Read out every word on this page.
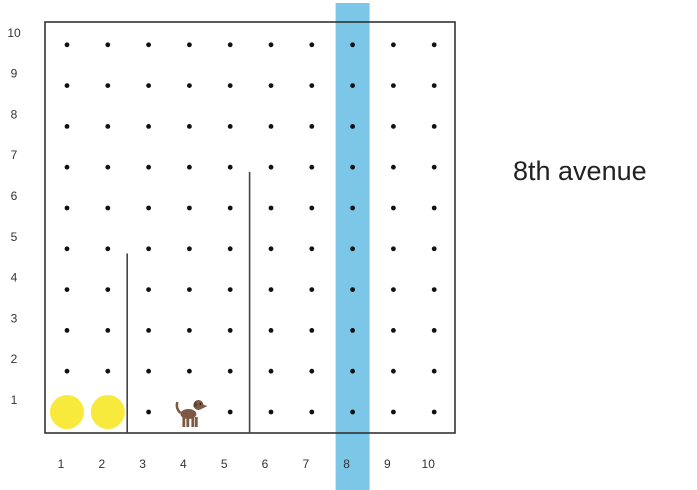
1	2	3	4	5	6	7	8	9	10
1
2
3
4
5
6
7
8
9
10
8th avenue
